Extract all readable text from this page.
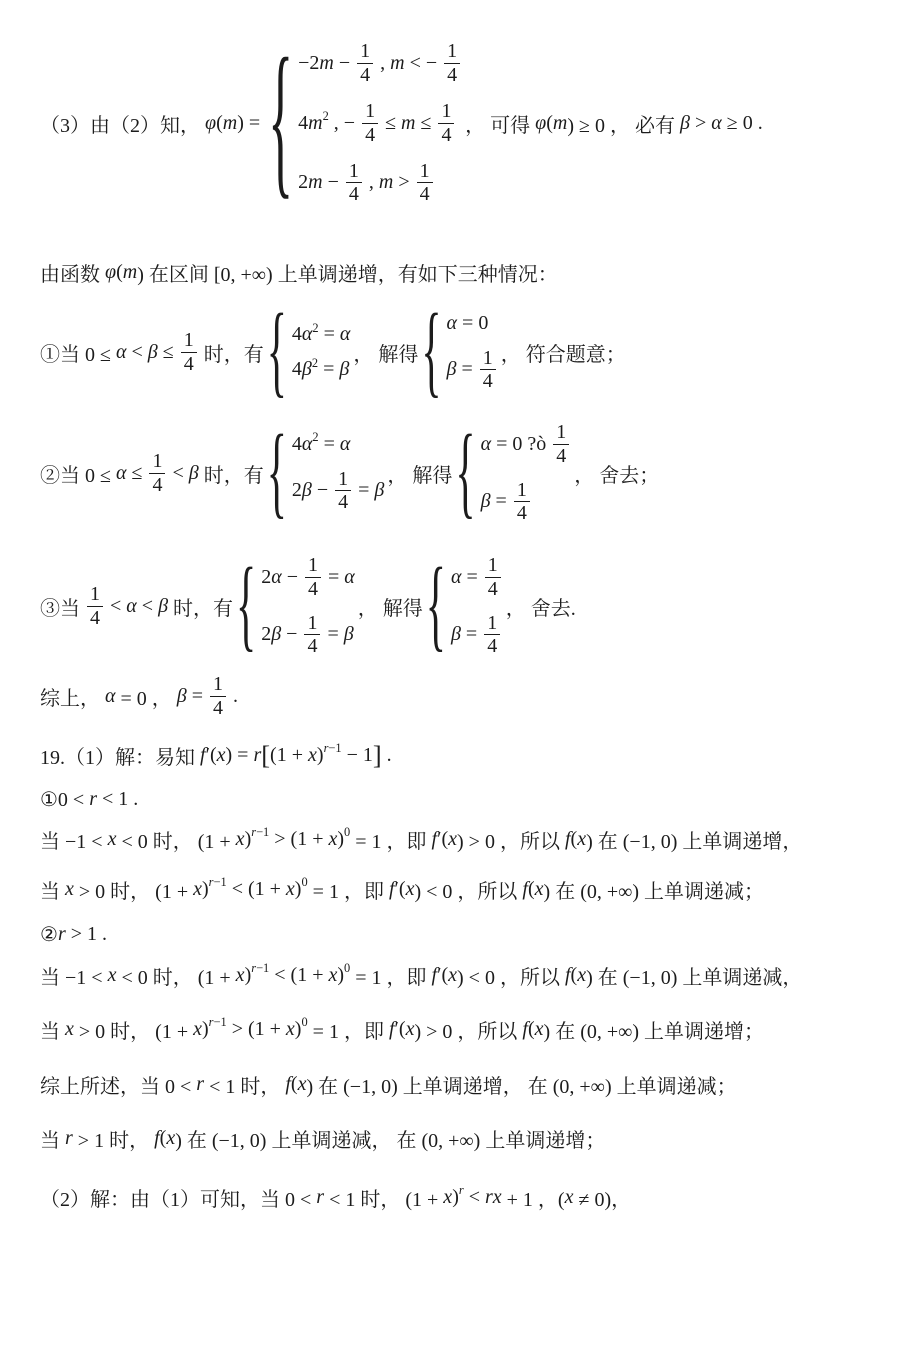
（3）由（2）知， φ ( m ) = { −2 $m - \frac{1}{4}$ , m < − $\frac{1}{4}$
4 m 2 , − $\frac{1}{4} \le m \le \frac{1}{4}$
2 $m - \frac{1}{4}$ , $m > \frac{1}{4}$
， 可得 φ ( m ) ≥ 0 ， 必有 β > α ≥ 0 .
由函数 φ ( m ) 在区间 [0, +∞) 上单调递增，有如下三种情况：
①当 $0 \le \alpha < \beta \le \frac{1}{4}$ 时，有 { 4 α 2 = α
4 β 2 = β
， 解得 { α = 0
$\beta = \frac{1}{4}$ ， 符合题意；
②当 $0 \le \alpha \le \frac{1}{4} < \beta$ 时，有 { 4 α 2 = α
2 $\beta - \frac{1}{4} = \beta$
， 解得 { α = 0 ?ò $\frac{1}{4}$
$\beta = \frac{1}{4}$
， 舍去；
③当 $\frac{1}{4} < \alpha < \beta$ 时，有 { 2 $\alpha - \frac{1}{4} = \alpha$
2 $\beta - \frac{1}{4} = \beta$
， 解得 { $\alpha = \frac{1}{4}$
$\beta = \frac{1}{4}$
， 舍去.
综上， α = 0 ， $\beta = \frac{1}{4}$ .
19.（1）解：易知 f ′( x ) = r [ (1 + x ) r−1 − 1 ] .
①0 < r < 1 .
当 −1 < x < 0 时， (1 + x ) r−1 > (1 + x ) 0 = 1 ，即 f ′( x ) > 0 ，所以 f ( x ) 在 (−1, 0) 上单调递增，
当 x > 0 时， (1 + x ) r−1 < (1 + x ) 0 = 1 ，即 f ′( x ) < 0 ，所以 f ( x ) 在 (0, +∞) 上单调递减；
② r > 1 .
当 −1 < x < 0 时， (1 + x ) r−1 < (1 + x ) 0 = 1 ，即 f ′( x ) < 0 ，所以 f ( x ) 在 (−1, 0) 上单调递减，
当 x > 0 时， (1 + x ) r−1 > (1 + x ) 0 = 1 ，即 f ′( x ) > 0 ，所以 f ( x ) 在 (0, +∞) 上单调递增；
综上所述，当 0 < r < 1 时， f ( x ) 在 (−1, 0) 上单调递增， 在 (0, +∞) 上单调递减；
当 r > 1 时， f ( x ) 在 (−1, 0) 上单调递减， 在 (0, +∞) 上单调递增；
（2）解：由（1）可知，当 0 < r < 1 时， (1 + x ) r < r x + 1 ，( x ≠ 0)，
